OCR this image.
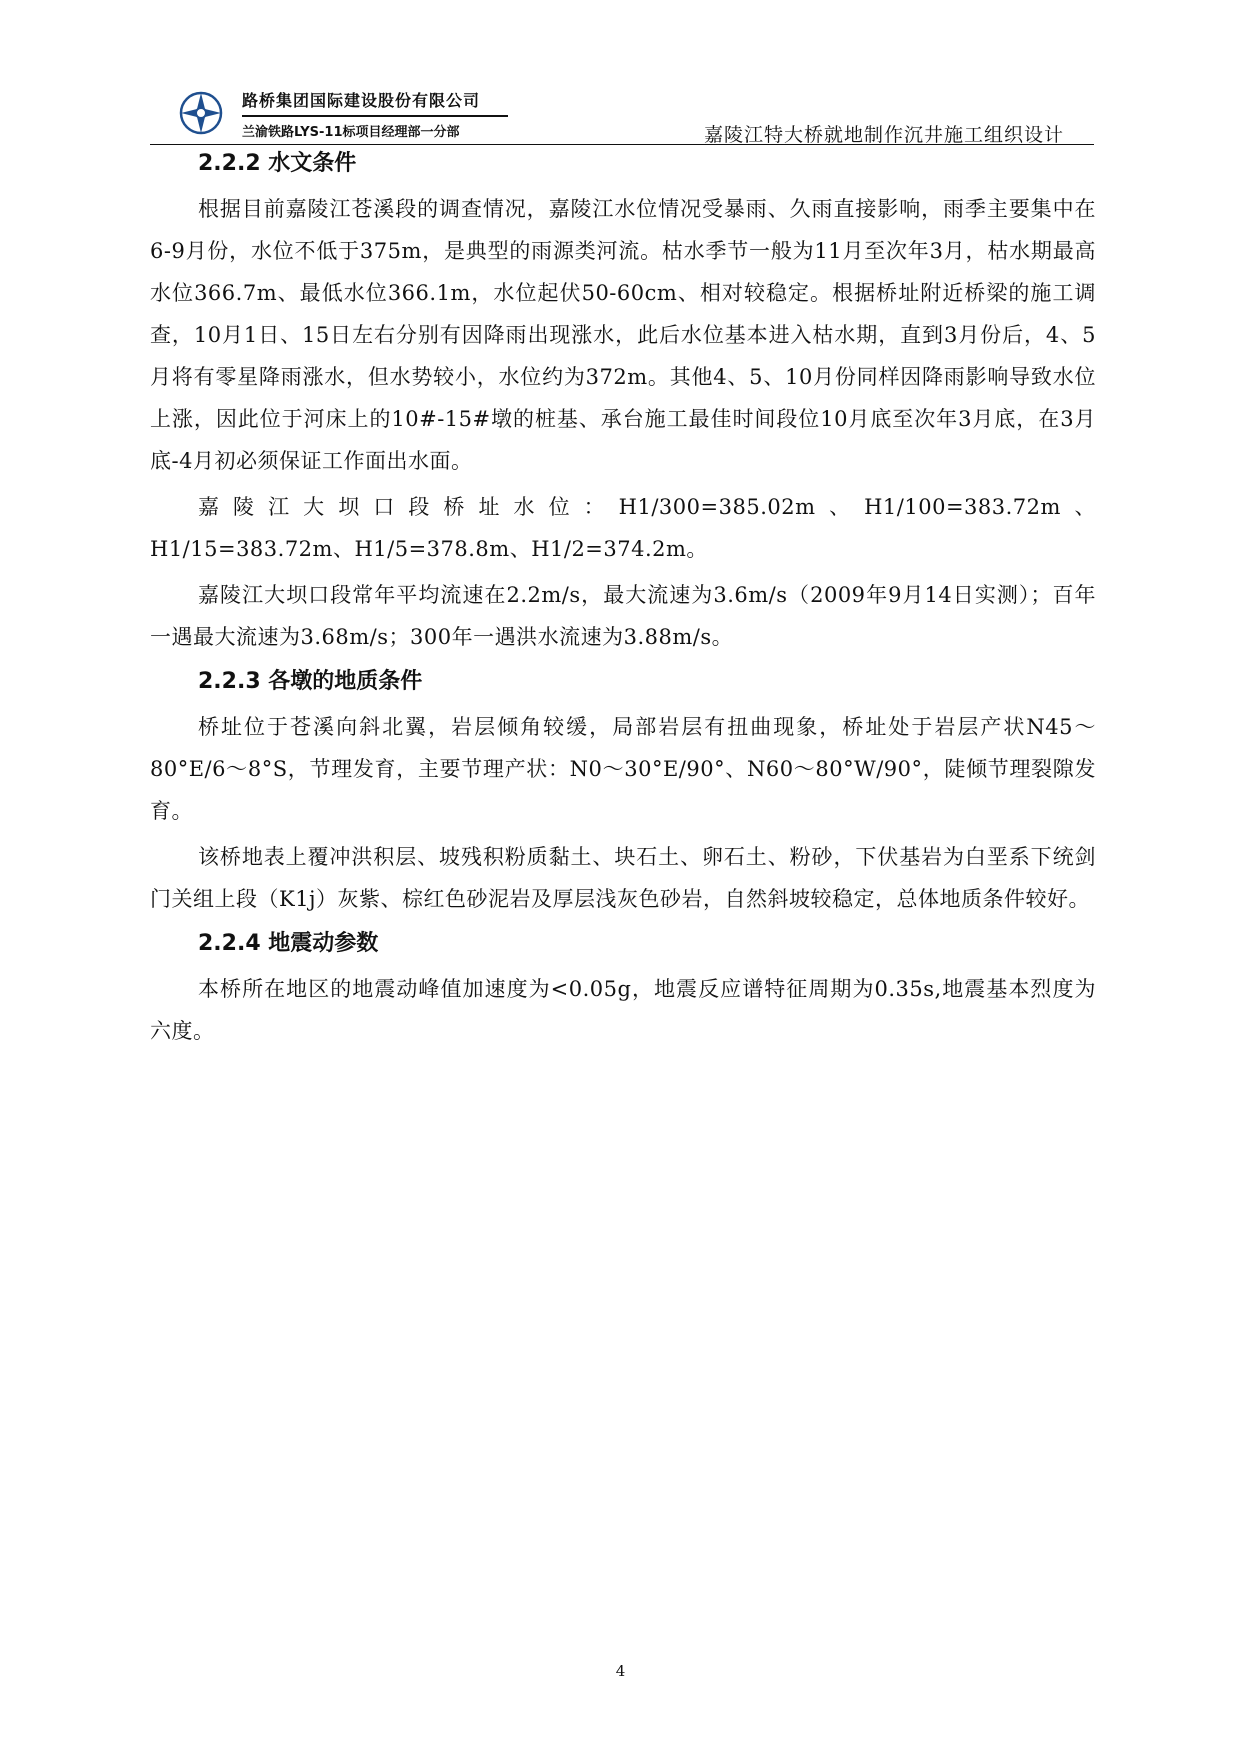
路桥集团国际建设股份有限公司
兰渝铁路LYS-11标项目经理部一分部	嘉陵江特大桥就地制作沉井施工组织设计
2.2.2 水文条件

根据目前嘉陵江苍溪段的调查情况，嘉陵江水位情况受暴雨、久雨直接影响，雨季主要集中在6-9月份，水位不低于375m，是典型的雨源类河流。枯水季节一般为11月至次年3月，枯水期最高水位366.7m、最低水位366.1m，水位起伏50-60cm、相对较稳定。根据桥址附近桥梁的施工调查，10月1日、15日左右分别有因降雨出现涨水，此后水位基本进入枯水期，直到3月份后，4、5月将有零星降雨涨水，但水势较小，水位约为372m。其他4、5、10月份同样因降雨影响导致水位上涨，因此位于河床上的10#-15#墩的桩基、承台施工最佳时间段位10月底至次年3月底，在3月底-4月初必须保证工作面出水面。

嘉陵江大坝口段桥址水位：H1/300=385.02m、H1/100=383.72m、H1/15=383.72m、H1/5=378.8m、H1/2=374.2m。

嘉陵江大坝口段常年平均流速在2.2m/s，最大流速为3.6m/s（2009年9月14日实测）；百年一遇最大流速为3.68m/s；300年一遇洪水流速为3.88m/s。

2.2.3 各墩的地质条件

桥址位于苍溪向斜北翼，岩层倾角较缓，局部岩层有扭曲现象，桥址处于岩层产状N45～80°E/6～8°S，节理发育，主要节理产状：N0～30°E/90°、N60～80°W/90°，陡倾节理裂隙发育。

该桥地表上覆冲洪积层、坡残积粉质黏土、块石土、卵石土、粉砂，下伏基岩为白垩系下统剑门关组上段（K1j）灰紫、棕红色砂泥岩及厚层浅灰色砂岩，自然斜坡较稳定，总体地质条件较好。

2.2.4 地震动参数

本桥所在地区的地震动峰值加速度为<0.05g，地震反应谱特征周期为0.35s,地震基本烈度为六度。

4
